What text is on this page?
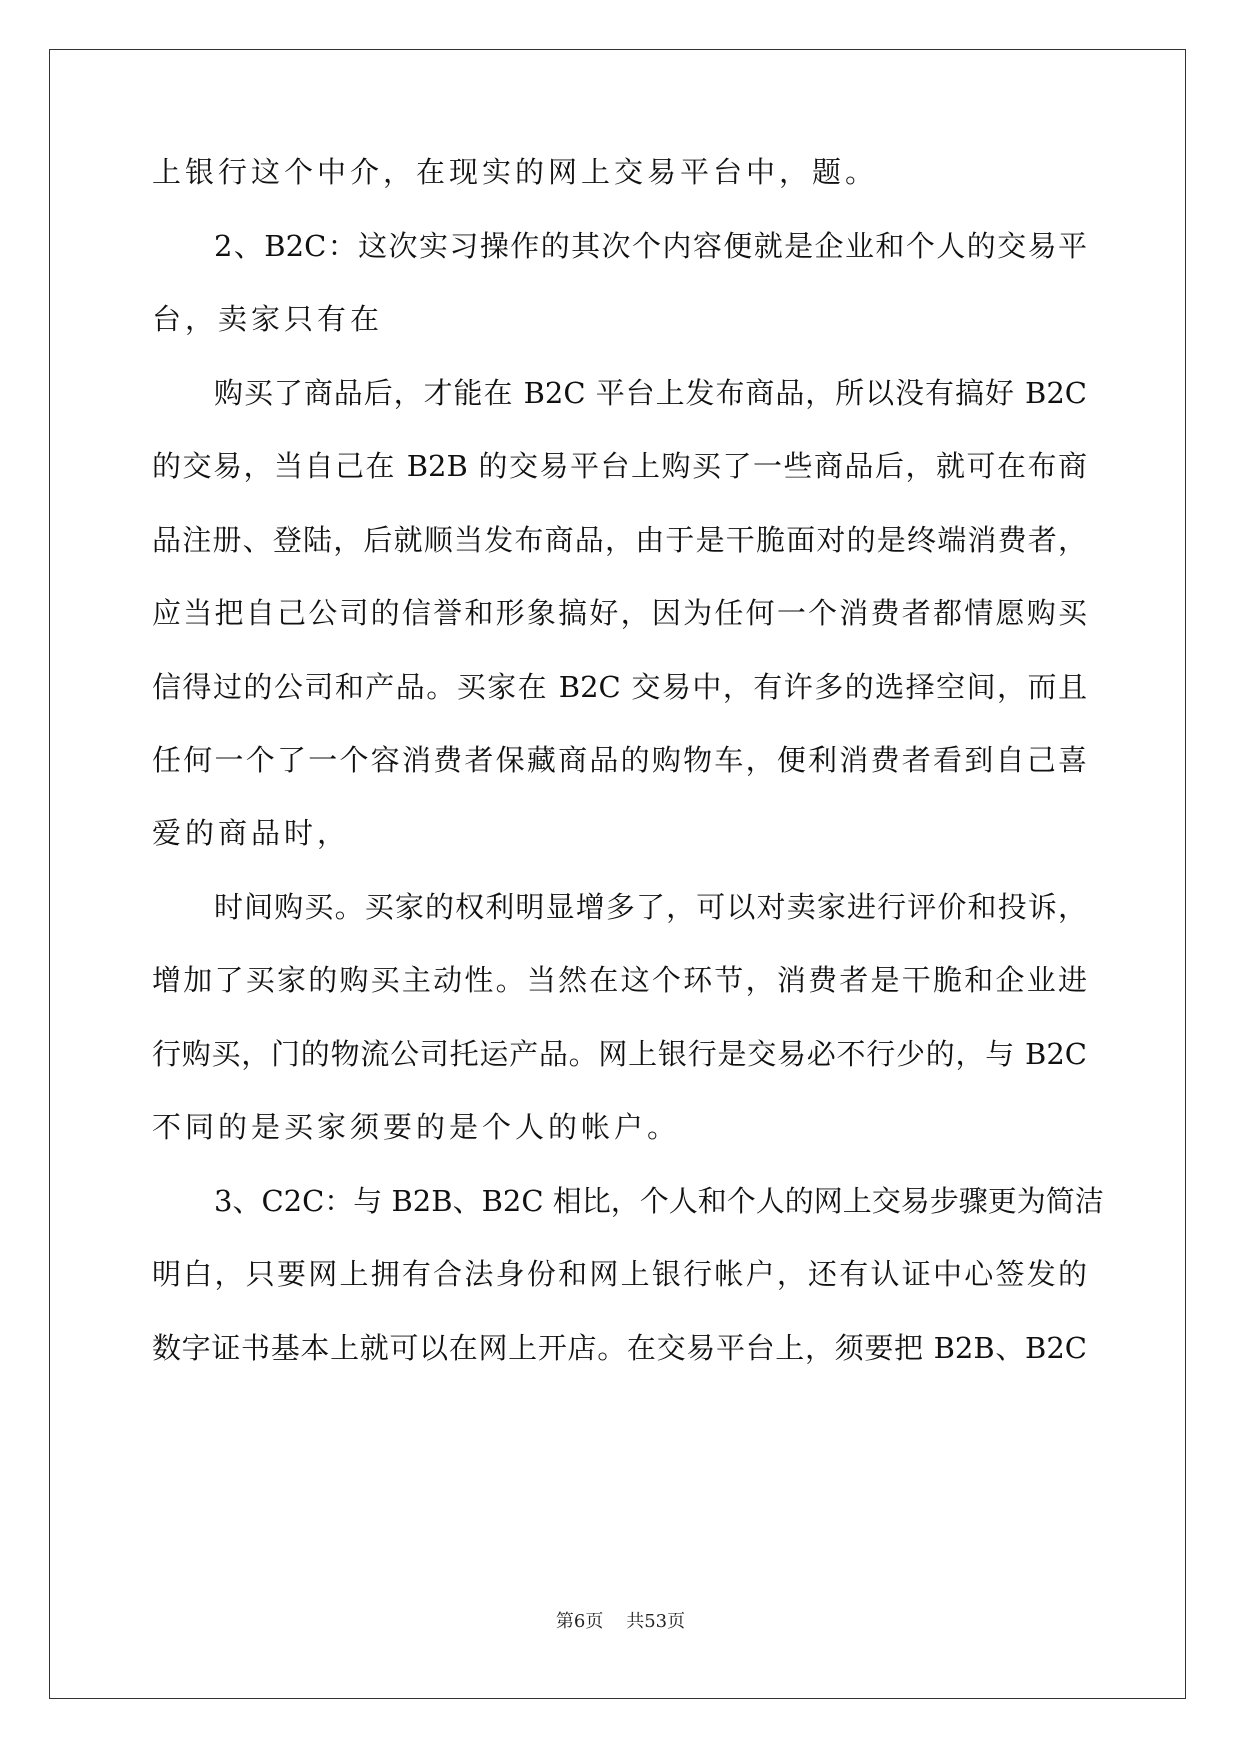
上银行这个中介，在现实的网上交易平台中，题。
2、B2C：这次实习操作的其次个内容便就是企业和个人的交易平
台，卖家只有在
购买了商品后，才能在 B2C 平台上发布商品，所以没有搞好 B2C
的交易，当自己在 B2B 的交易平台上购买了一些商品后，就可在布商
品注册、登陆，后就顺当发布商品，由于是干脆面对的是终端消费者，
应当把自己公司的信誉和形象搞好，因为任何一个消费者都情愿购买
信得过的公司和产品。买家在 B2C 交易中，有许多的选择空间，而且
任何一个了一个容消费者保藏商品的购物车，便利消费者看到自己喜
爱的商品时，
时间购买。买家的权利明显增多了，可以对卖家进行评价和投诉，
增加了买家的购买主动性。当然在这个环节，消费者是干脆和企业进
行购买，门的物流公司托运产品。网上银行是交易必不行少的，与 B2C
不同的是买家须要的是个人的帐户。
3、C2C：与 B2B、B2C 相比，个人和个人的网上交易步骤更为简洁
明白，只要网上拥有合法身份和网上银行帐户，还有认证中心签发的
数字证书基本上就可以在网上开店。在交易平台上，须要把 B2B、B2C
第6页 共53页
